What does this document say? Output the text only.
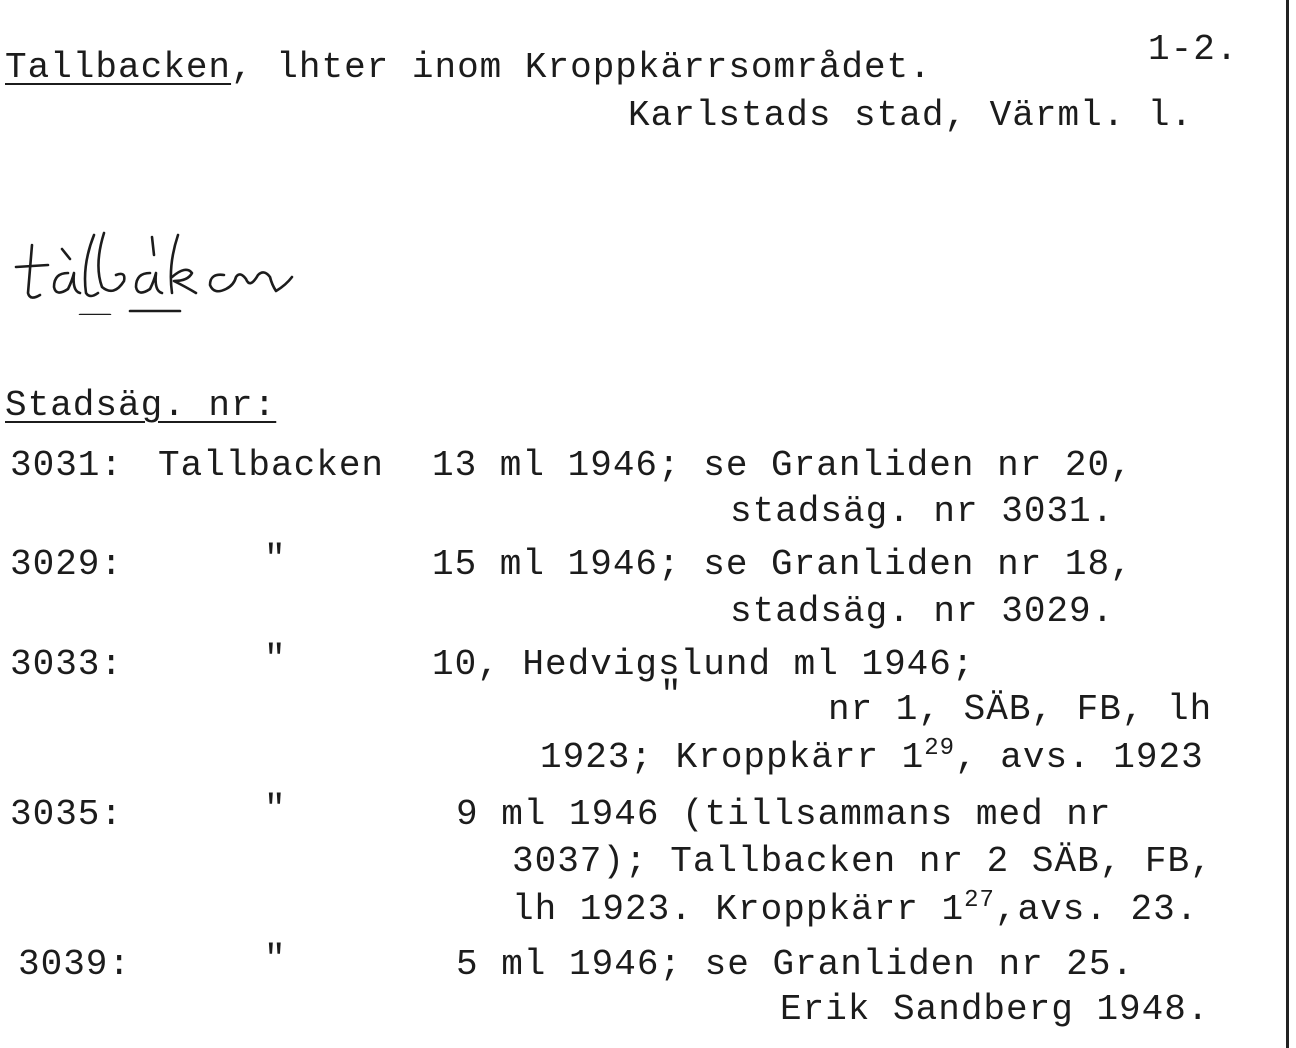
Tallbacken, lhter inom Kroppkärrsområdet.	1-2.
Karlstads stad, Värml. l.
Stadsäg. nr:
3031: Tallbacken 13 ml 1946; se Granliden nr 20,
stadsäg. nr 3031.
3029:	"	15 ml 1946; se Granliden nr 18,
stadsäg. nr 3029.
3033:	"	10, Hedvigslund ml 1946;
"	nr 1, SÄB, FB, lh
1923; Kroppkärr $1^{29}$, avs. 1923
3035:	"	9 ml 1946 (tillsammans med nr
3037); Tallbacken nr 2 SÄB, FB,
lh 1923. Kroppkärr $1^{27},avs$. 23.
3039:	"	5 ml 1946; se Granliden nr 25.
Erik Sandberg 1948.
